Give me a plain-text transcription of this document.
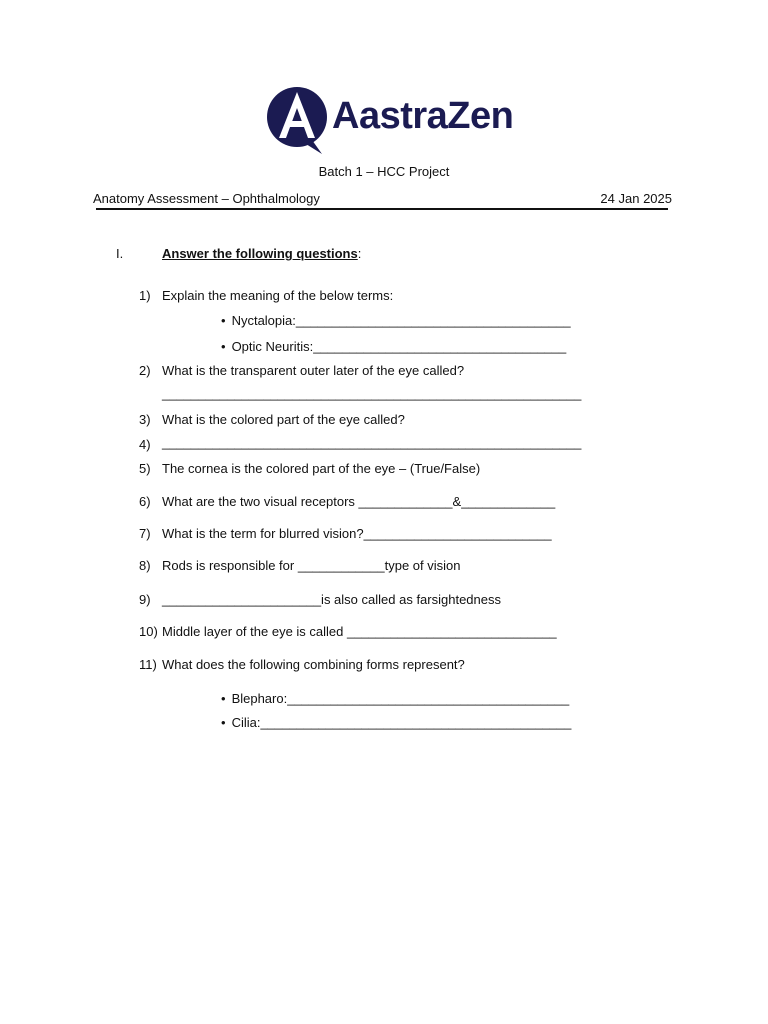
AastraZen
Batch 1 – HCC Project
Anatomy Assessment – Ophthalmology	24 Jan 2025
I.	Answer the following questions:
1) Explain the meaning of the below terms:
• Nyctalopia:______________________________________
• Optic Neuritis:___________________________________
2) What is the transparent outer later of the eye called?
__________________________________________________________
3) What is the colored part of the eye called?
4) __________________________________________________________
5) The cornea is the colored part of the eye – (True/False)
6) What are the two visual receptors _____________&_____________
7) What is the term for blurred vision?__________________________
8) Rods is responsible for ____________type of vision
9) ______________________is also called as farsightedness
10) Middle layer of the eye is called _____________________________
11) What does the following combining forms represent?
• Blepharo:_______________________________________
• Cilia:___________________________________________
